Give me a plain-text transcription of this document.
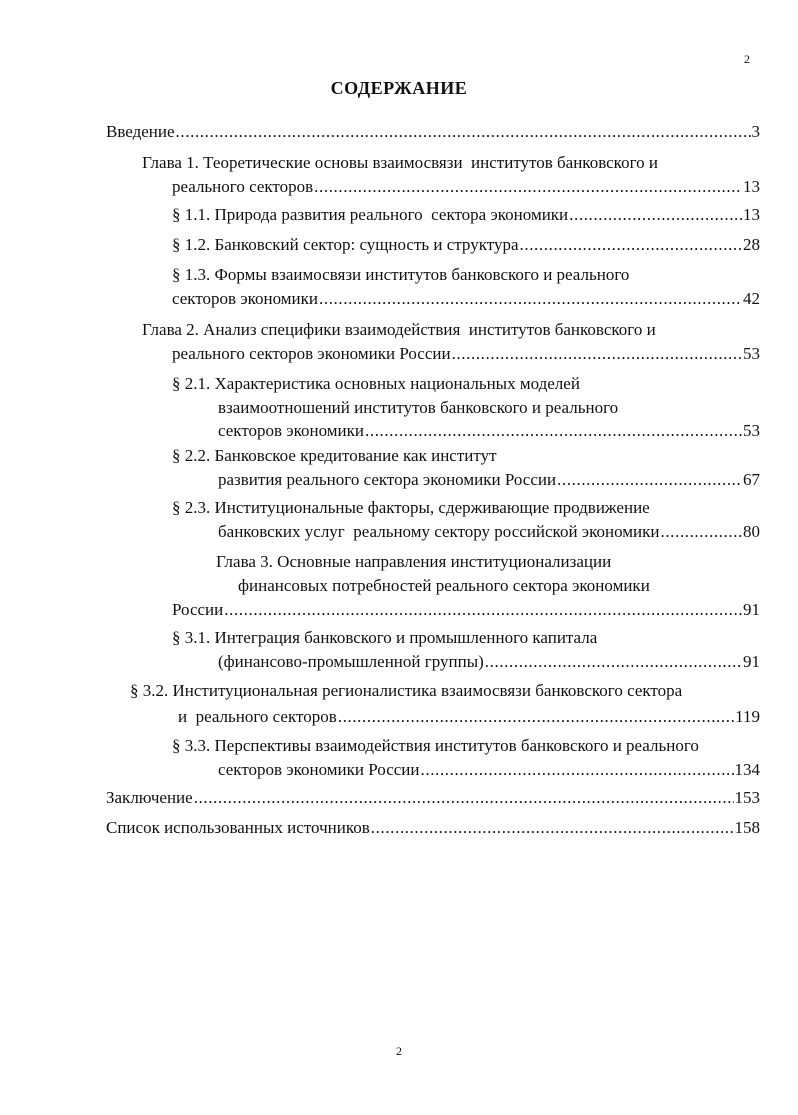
2
СОДЕРЖАНИЕ
Введение .....	3
Глава 1. Теоретические основы взаимосвязи  институтов банковского и
реального секторов .....	13
§ 1.1. Природа развития реального  сектора экономики .....	13
§ 1.2. Банковский сектор: сущность и структура .....	28
§ 1.3. Формы взаимосвязи институтов банковского и реального
секторов экономики .....	42
Глава 2. Анализ специфики взаимодействия  институтов банковского и
реального секторов экономики России .....	53
§ 2.1. Характеристика основных национальных моделей
взаимоотношений институтов банковского и реального
секторов экономики .....	53
§ 2.2. Банковское кредитование как институт
развития реального сектора экономики России .....	67
§ 2.3. Институциональные факторы, сдерживающие продвижение
банковских услуг  реальному сектору российской экономики .....	80
Глава 3. Основные направления институционализации
финансовых потребностей реального сектора экономики
России .....	91
§ 3.1. Интеграция банковского и промышленного капитала
(финансово-промышленной группы) .....	91
§ 3.2. Институциональная регионалистика взаимосвязи банковского сектора
и  реального секторов .....	119
§ 3.3. Перспективы взаимодействия институтов банковского и реального
секторов экономики России .....	134
Заключение .....	153
Список использованных источников .....	158
2
